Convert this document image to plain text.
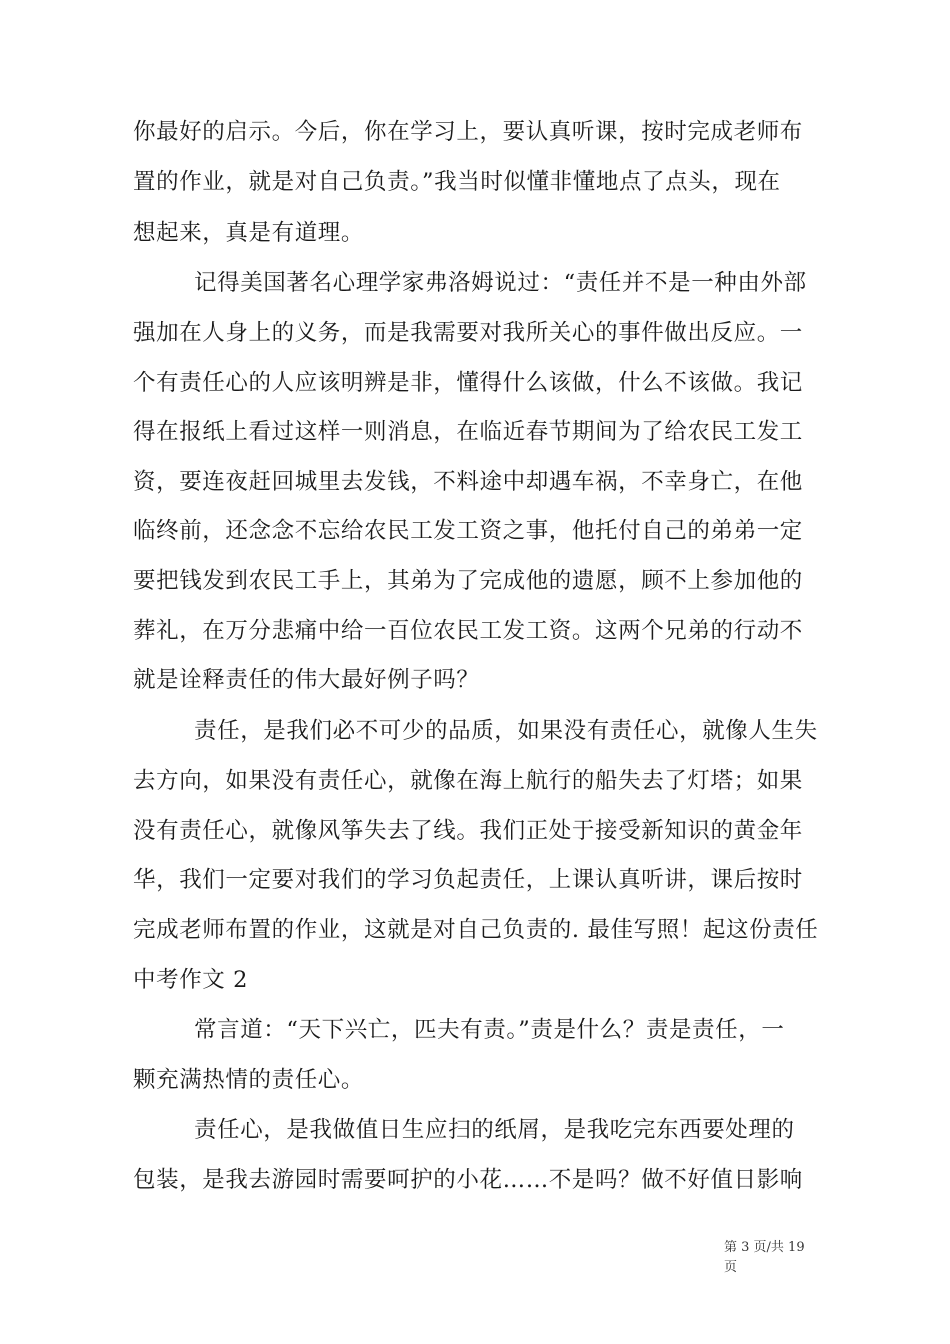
你最好的启示。今后，你在学习上，要认真听课，按时完成老师布
置的作业，就是对自己负责。”我当时似懂非懂地点了点头，现在
想起来，真是有道理。
记得美国著名心理学家弗洛姆说过：“责任并不是一种由外部
强加在人身上的义务，而是我需要对我所关心的事件做出反应。一
个有责任心的人应该明辨是非，懂得什么该做，什么不该做。我记
得在报纸上看过这样一则消息，在临近春节期间为了给农民工发工
资，要连夜赶回城里去发钱，不料途中却遇车祸，不幸身亡，在他
临终前，还念念不忘给农民工发工资之事，他托付自己的弟弟一定
要把钱发到农民工手上，其弟为了完成他的遗愿，顾不上参加他的
葬礼，在万分悲痛中给一百位农民工发工资。这两个兄弟的行动不
就是诠释责任的伟大最好例子吗？
责任，是我们必不可少的品质，如果没有责任心，就像人生失
去方向，如果没有责任心，就像在海上航行的船失去了灯塔；如果
没有责任心，就像风筝失去了线。我们正处于接受新知识的黄金年
华，我们一定要对我们的学习负起责任，上课认真听讲，课后按时
完成老师布置的作业，这就是对自己负责的. 最佳写照！起这份责任
中考作文 2
常言道：“天下兴亡，匹夫有责。”责是什么？责是责任，一
颗充满热情的责任心。
责任心，是我做值日生应扫的纸屑，是我吃完东西要处理的
包装，是我去游园时需要呵护的小花……不是吗？做不好值日影响
第 3 页/共 19
页
